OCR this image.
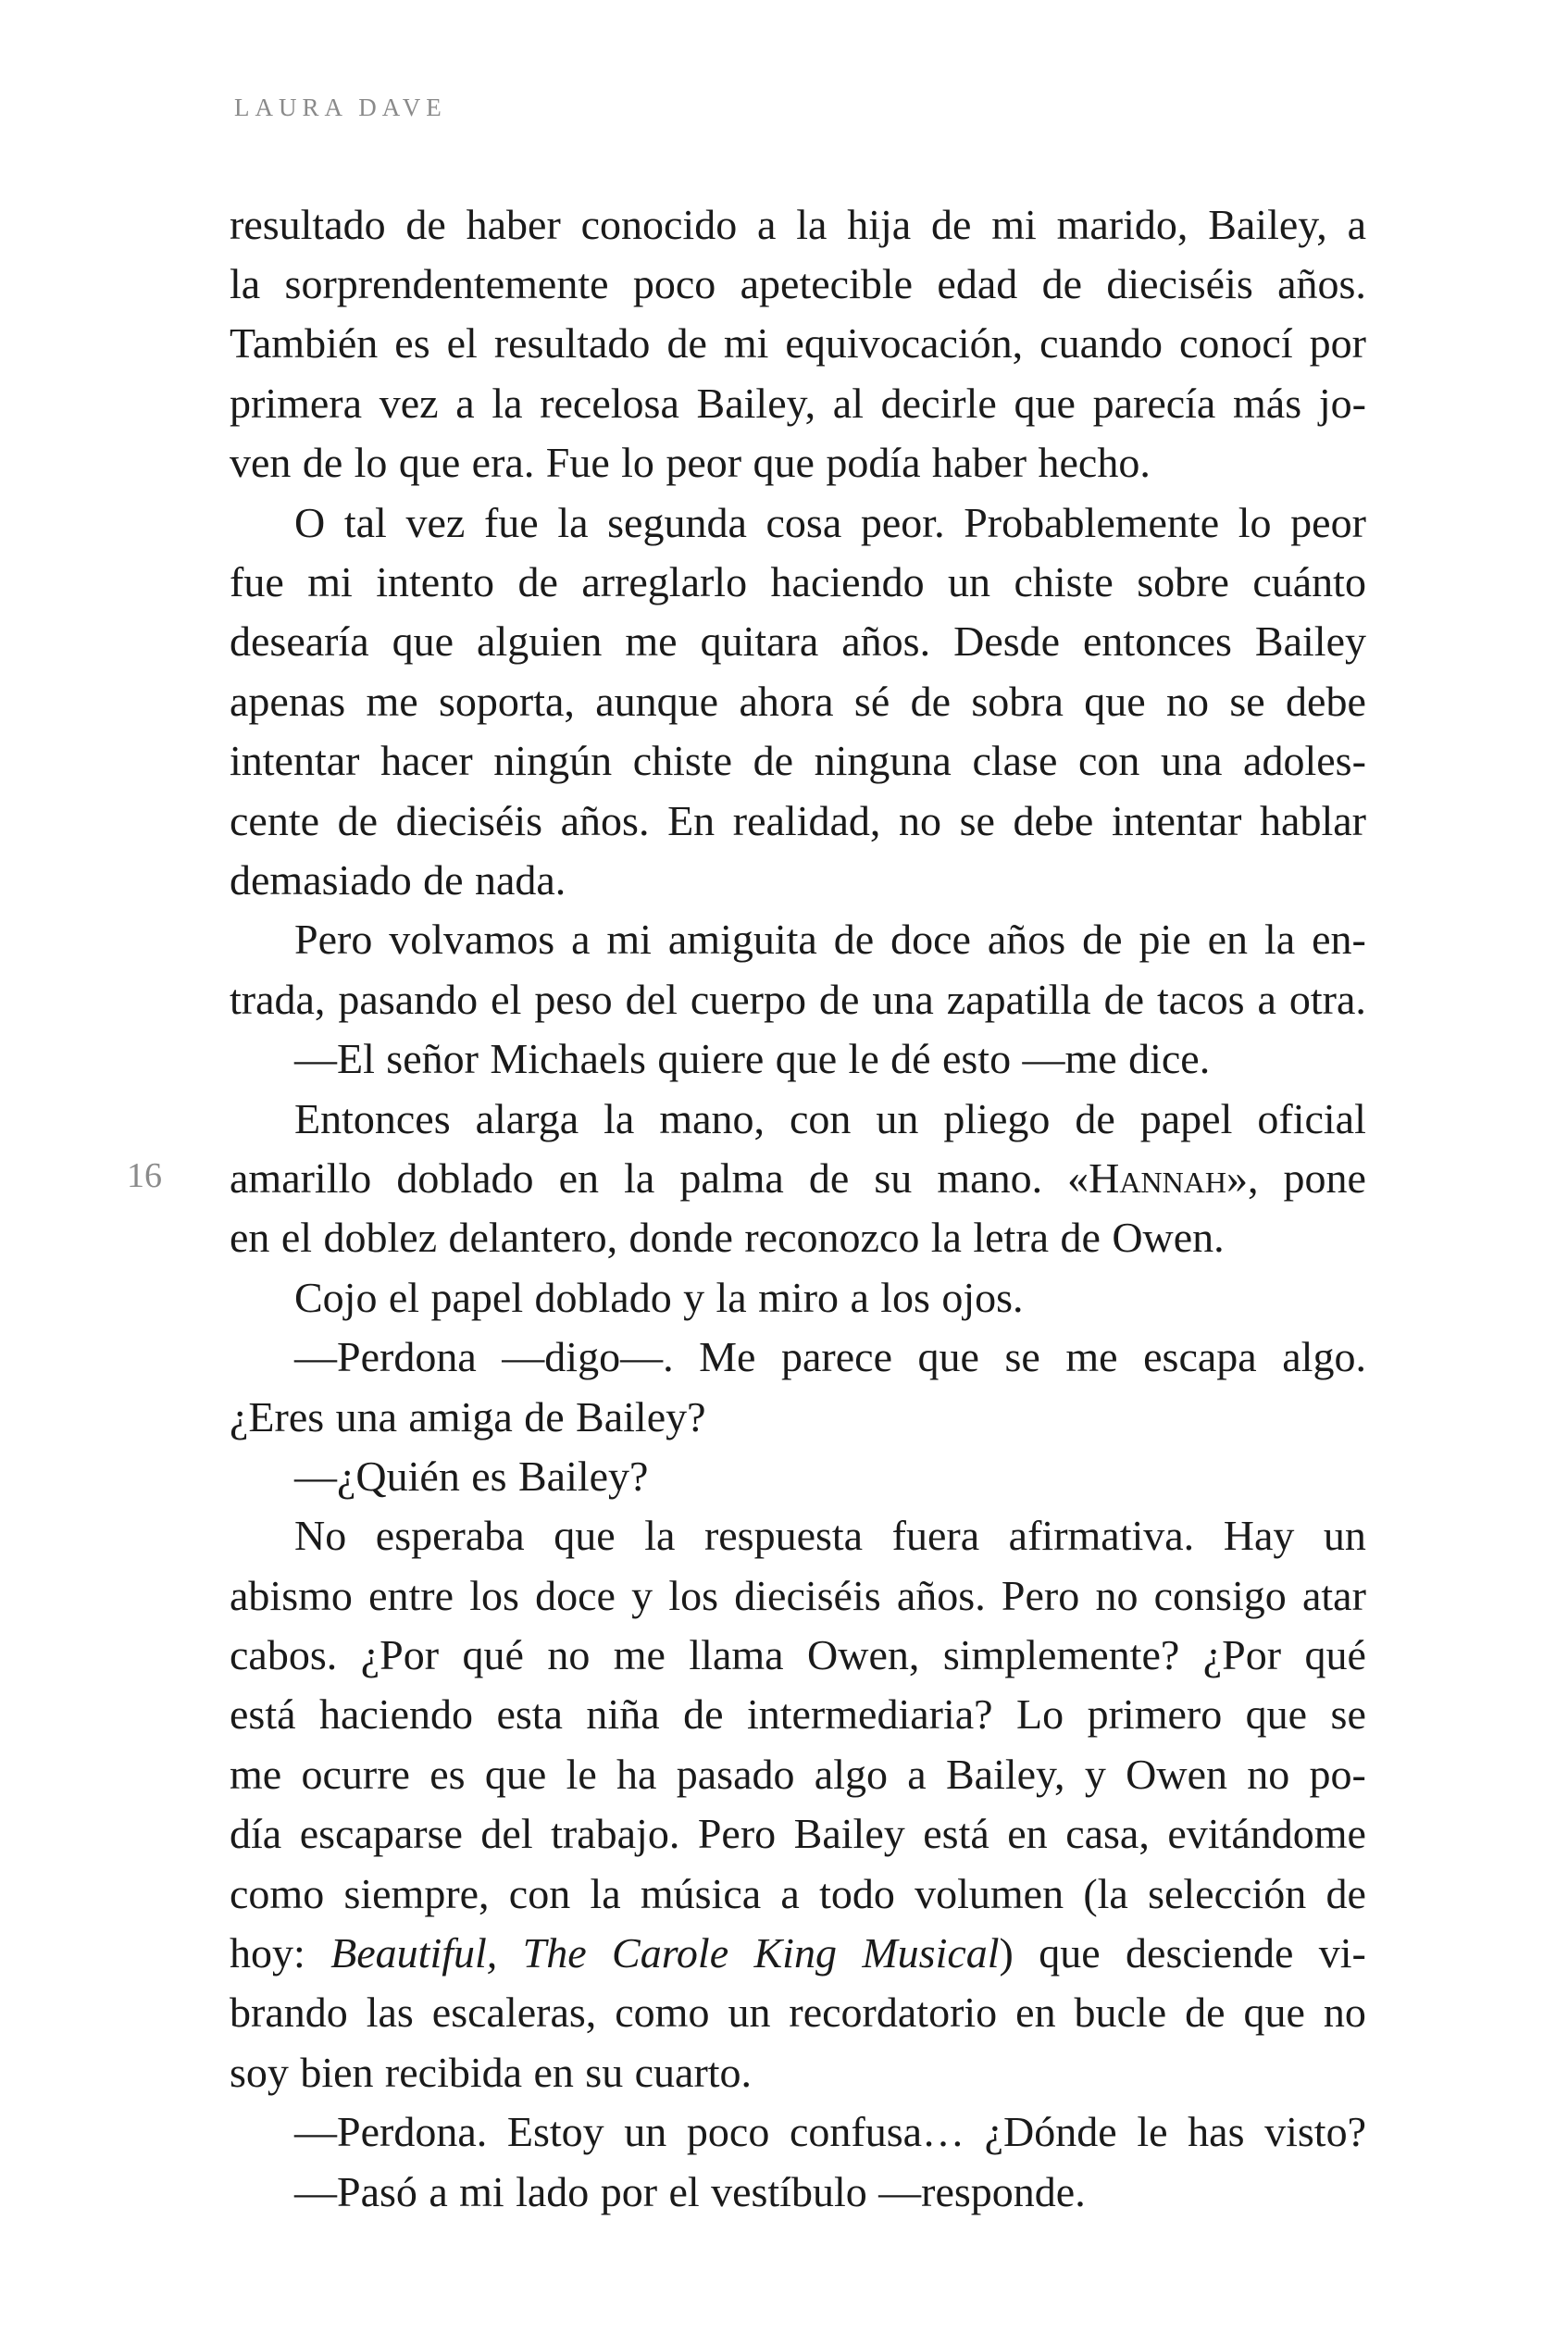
LAURA DAVE
16
resultado de haber conocido a la hija de mi marido, Bailey, a
la sorprendentemente poco apetecible edad de dieciséis años.
También es el resultado de mi equivocación, cuando conocí por
primera vez a la recelosa Bailey, al decirle que parecía más jo-
ven de lo que era. Fue lo peor que podía haber hecho.
O tal vez fue la segunda cosa peor. Probablemente lo peor
fue mi intento de arreglarlo haciendo un chiste sobre cuánto
desearía que alguien me quitara años. Desde entonces Bailey
apenas me soporta, aunque ahora sé de sobra que no se debe
intentar hacer ningún chiste de ninguna clase con una adoles-
cente de dieciséis años. En realidad, no se debe intentar hablar
demasiado de nada.
Pero volvamos a mi amiguita de doce años de pie en la en-
trada, pasando el peso del cuerpo de una zapatilla de tacos a otra.
—El señor Michaels quiere que le dé esto —me dice.
Entonces alarga la mano, con un pliego de papel oficial
amarillo doblado en la palma de su mano. «Hannah», pone
en el doblez delantero, donde reconozco la letra de Owen.
Cojo el papel doblado y la miro a los ojos.
—Perdona —digo—. Me parece que se me escapa algo.
¿Eres una amiga de Bailey?
—¿Quién es Bailey?
No esperaba que la respuesta fuera afirmativa. Hay un
abismo entre los doce y los dieciséis años. Pero no consigo atar
cabos. ¿Por qué no me llama Owen, simplemente? ¿Por qué
está haciendo esta niña de intermediaria? Lo primero que se
me ocurre es que le ha pasado algo a Bailey, y Owen no po-
día escaparse del trabajo. Pero Bailey está en casa, evitándome
como siempre, con la música a todo volumen (la selección de
hoy: Beautiful, The Carole King Musical) que desciende vi-
brando las escaleras, como un recordatorio en bucle de que no
soy bien recibida en su cuarto.
—Perdona. Estoy un poco confusa… ¿Dónde le has visto?
—Pasó a mi lado por el vestíbulo —responde.
